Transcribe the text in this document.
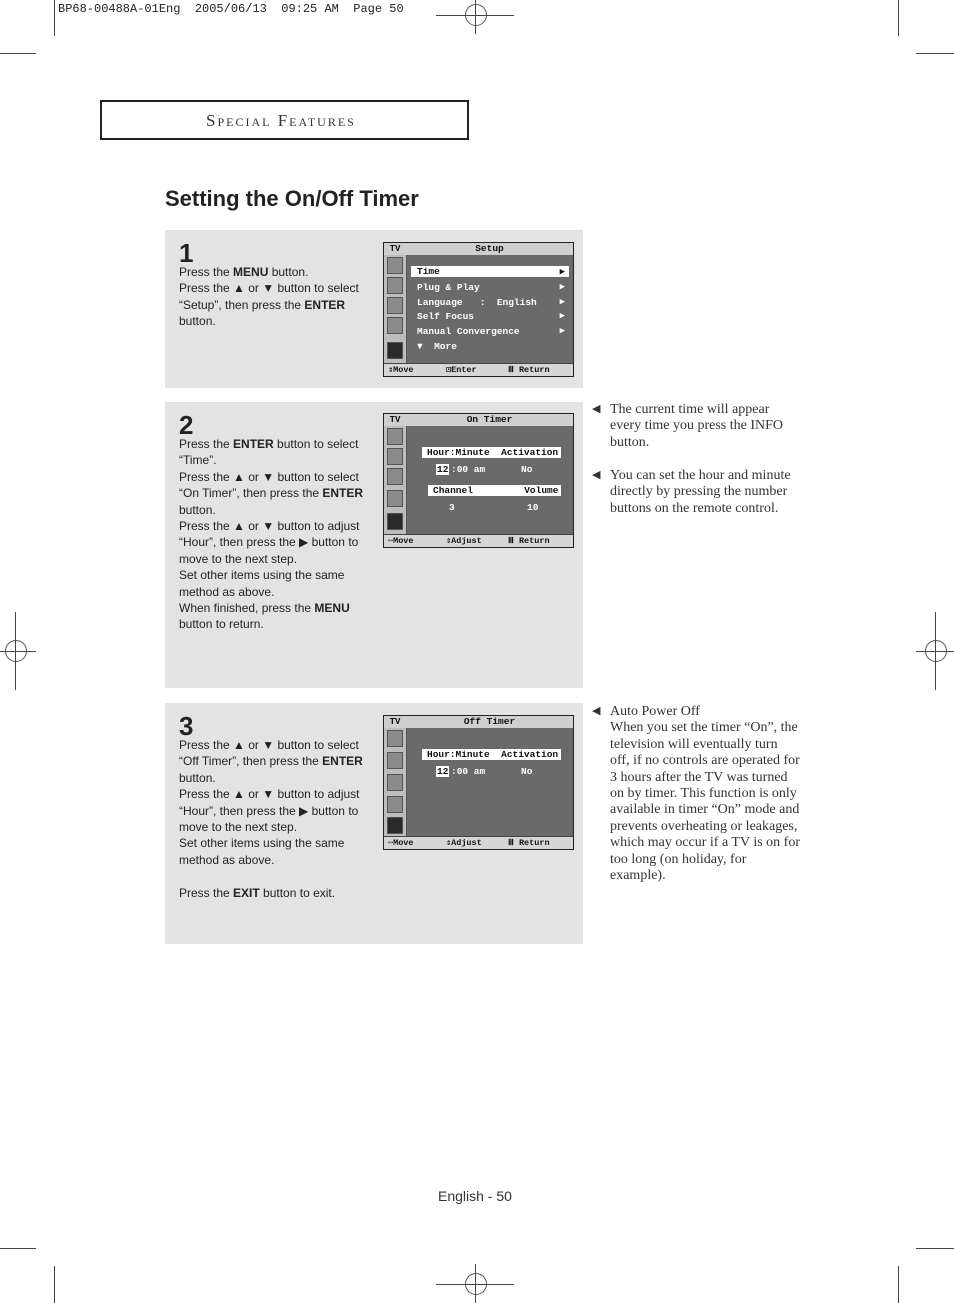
BP68-00488A-01Eng  2005/06/13  09:25 AM  Page 50
Special Features
Setting the On/Off Timer
1

Press the MENU button.

Press the ▲ or ▼ button to select “Setup”, then press the ENTER button.

TV	Setup
Time	▶
Plug & Play	▶
Language   :  English	▶
Self Focus	▶
Manual Convergence	▶
▼  More
⇕Move	⊡Enter	Ⅲ Return
2

Press the ENTER button to select “Time”.

Press the ▲ or ▼ button to select “On Timer”, then press the ENTER button.

Press the ▲ or ▼ button to adjust “Hour”, then press the ▶ button to move to the next step.

Set other items using the same method as above.

When finished, press the MENU button to return.

TV	On Timer
Hour:Minute  Activation
12 :00 am	No
Channel         Volume
3	10
⇔Move	⇕Adjust	Ⅲ Return
3

Press the ▲ or ▼ button to select “Off Timer”, then press the ENTER button.

Press the ▲ or ▼ button to adjust “Hour”, then press the ▶ button to move to the next step.

Set other items using the same method as above.

Press the EXIT button to exit.

TV	Off Timer
Hour:Minute  Activation
12 :00 am	No
⇔Move	⇕Adjust	Ⅲ Return
◀ The current time will appear every time you press the INFO button.
◀ You can set the hour and minute directly by pressing the number buttons on the remote control.
◀ Auto Power Off
When you set the timer “On”, the television will eventually turn off, if no controls are operated for 3 hours after the TV was turned on by timer. This function is only available in timer “On” mode and prevents overheating or leakages, which may occur if a TV is on for too long (on holiday, for example).
English - 50
